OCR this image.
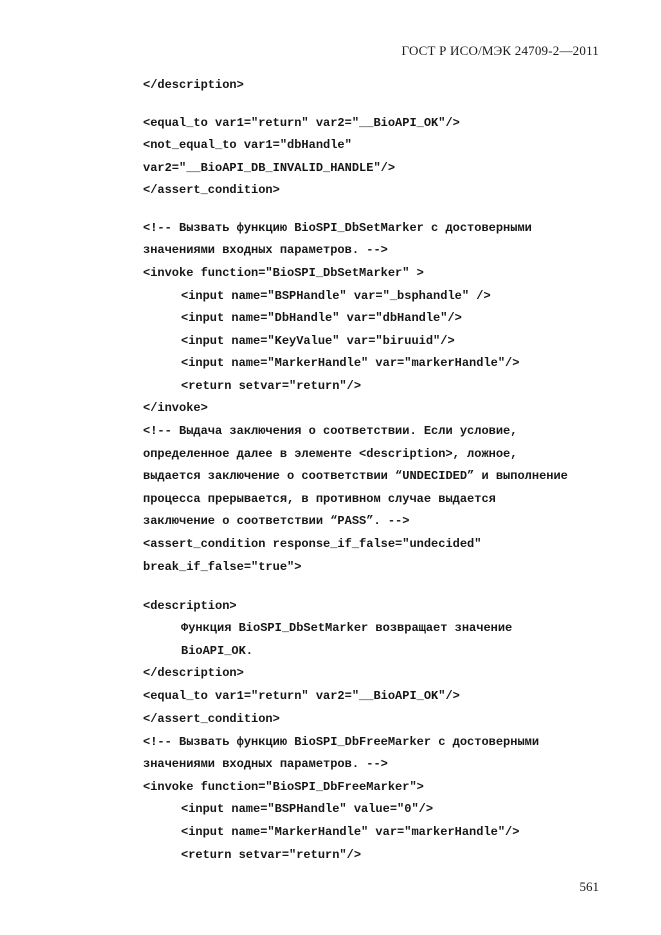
ГОСТ Р ИСО/МЭК 24709-2—2011
</description>
<equal_to var1="return" var2="__BioAPI_OK"/>
<not_equal_to var1="dbHandle"
var2="__BioAPI_DB_INVALID_HANDLE"/>
</assert_condition>
<!-- Вызвать функцию BioSPI_DbSetMarker с достоверными
значениями входных параметров. -->
<invoke function="BioSPI_DbSetMarker" >
<input name="BSPHandle" var="_bsphandle" />
<input name="DbHandle" var="dbHandle"/>
<input name="KeyValue" var="biruuid"/>
<input name="MarkerHandle" var="markerHandle"/>
<return setvar="return"/>
</invoke>
<!-- Выдача заключения о соответствии. Если условие,
определенное далее в элементе <description>, ложное,
выдается заключение о соответствии “UNDECIDED” и выполнение
процесса прерывается, в противном случае выдается
заключение о соответствии “PASS”. -->
<assert_condition response_if_false="undecided"
break_if_false="true">
<description>
Функция BioSPI_DbSetMarker возвращает значение
BioAPI_OK.
</description>
<equal_to var1="return" var2="__BioAPI_OK"/>
</assert_condition>
<!-- Вызвать функцию BioSPI_DbFreeMarker с достоверными
значениями входных параметров. -->
<invoke function="BioSPI_DbFreeMarker">
<input name="BSPHandle" value="0"/>
<input name="MarkerHandle" var="markerHandle"/>
<return setvar="return"/>
561
